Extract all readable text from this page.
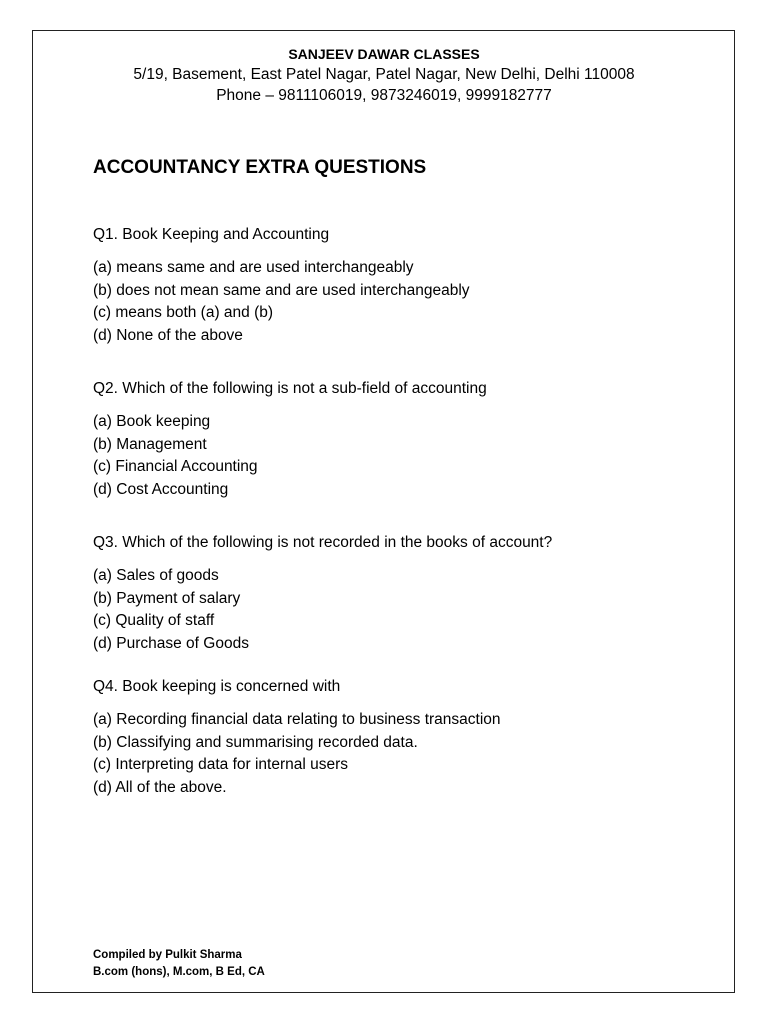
SANJEEV DAWAR CLASSES
5/19, Basement, East Patel Nagar, Patel Nagar, New Delhi, Delhi 110008
Phone – 9811106019, 9873246019, 9999182777
ACCOUNTANCY EXTRA QUESTIONS
Q1. Book Keeping and Accounting
(a) means same and are used interchangeably
(b) does not mean same and are used interchangeably
(c) means both (a) and (b)
(d) None of the above
Q2. Which of the following is not a sub-field of accounting
(a) Book keeping
(b) Management
(c) Financial Accounting
(d) Cost Accounting
Q3. Which of the following is not recorded in the books of account?
(a) Sales of goods
(b) Payment of salary
(c) Quality of staff
(d) Purchase of Goods
Q4. Book keeping is concerned with
(a) Recording financial data relating to business transaction
(b) Classifying and summarising recorded data.
(c) Interpreting data for internal users
(d) All of the above.
Compiled by Pulkit Sharma
B.com (hons), M.com, B Ed, CA
